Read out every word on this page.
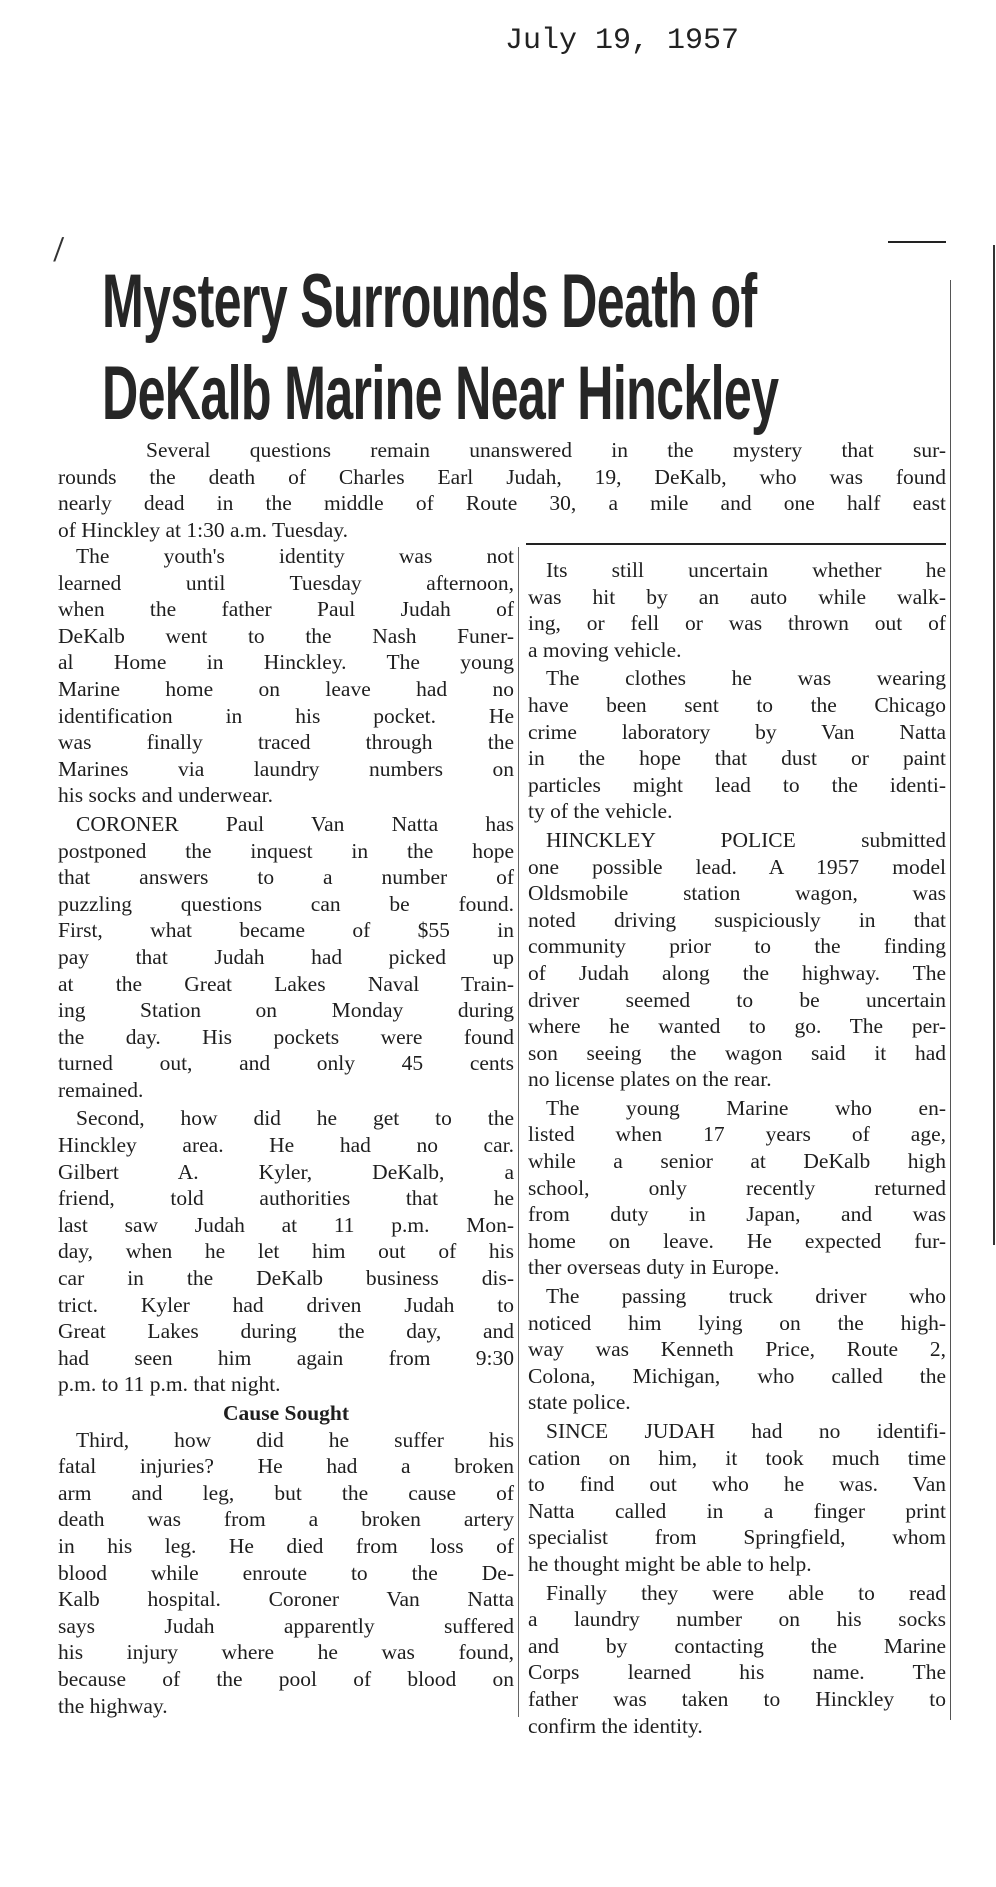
July 19, 1957
|
Mystery Surrounds Death of
DeKalb Marine Near Hinckley
Several questions remain unanswered in the mystery that sur-
rounds the death of Charles Earl Judah, 19, DeKalb, who was found
nearly dead in the middle of Route 30, a mile and one half east
of Hinckley at 1:30 a.m. Tuesday.
The youth's identity was not
learned until Tuesday afternoon,
when the father Paul Judah of
DeKalb went to the Nash Funer-
al Home in Hinckley. The young
Marine home on leave had no
identification in his pocket. He
was finally traced through the
Marines via laundry numbers on
his socks and underwear.
CORONER Paul Van Natta has
postponed the inquest in the hope
that answers to a number of
puzzling questions can be found.
First, what became of $55 in
pay that Judah had picked up
at the Great Lakes Naval Train-
ing Station on Monday during
the day. His pockets were found
turned out, and only 45 cents
remained.
Second, how did he get to the
Hinckley area. He had no car.
Gilbert A. Kyler, DeKalb, a
friend, told authorities that he
last saw Judah at 11 p.m. Mon-
day, when he let him out of his
car in the DeKalb business dis-
trict. Kyler had driven Judah to
Great Lakes during the day, and
had seen him again from 9:30
p.m. to 11 p.m. that night.
Cause Sought
Third, how did he suffer his
fatal injuries? He had a broken
arm and leg, but the cause of
death was from a broken artery
in his leg. He died from loss of
blood while enroute to the De-
Kalb hospital. Coroner Van Natta
says Judah apparently suffered
his injury where he was found,
because of the pool of blood on
the highway.
Its still uncertain whether he
was hit by an auto while walk-
ing, or fell or was thrown out of
a moving vehicle.
The clothes he was wearing
have been sent to the Chicago
crime laboratory by Van Natta
in the hope that dust or paint
particles might lead to the identi-
ty of the vehicle.
HINCKLEY POLICE submitted
one possible lead. A 1957 model
Oldsmobile station wagon, was
noted driving suspiciously in that
community prior to the finding
of Judah along the highway. The
driver seemed to be uncertain
where he wanted to go. The per-
son seeing the wagon said it had
no license plates on the rear.
The young Marine who en-
listed when 17 years of age,
while a senior at DeKalb high
school, only recently returned
from duty in Japan, and was
home on leave. He expected fur-
ther overseas duty in Europe.
The passing truck driver who
noticed him lying on the high-
way was Kenneth Price, Route 2,
Colona, Michigan, who called the
state police.
SINCE JUDAH had no identifi-
cation on him, it took much time
to find out who he was. Van
Natta called in a finger print
specialist from Springfield, whom
he thought might be able to help.
Finally they were able to read
a laundry number on his socks
and by contacting the Marine
Corps learned his name. The
father was taken to Hinckley to
confirm the identity.
